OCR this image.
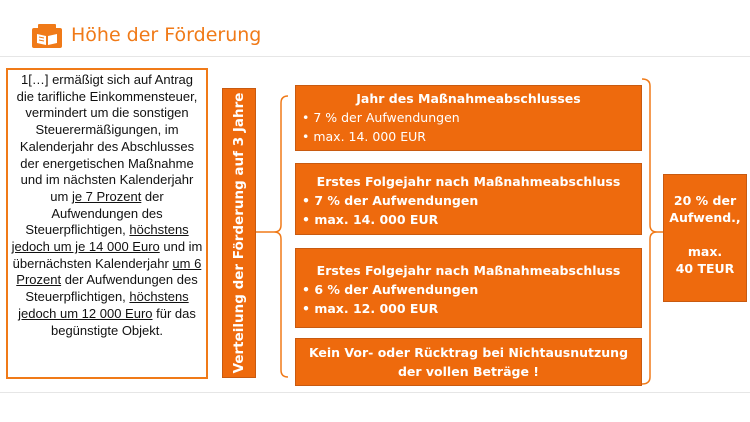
Höhe der Förderung
1[…] ermäßigt sich auf Antrag die tarifliche Einkommensteuer, vermindert um die sonstigen Steuerermäßigungen, im Kalenderjahr des Abschlusses der energetischen Maßnahme und im nächsten Kalenderjahr um je 7 Prozent der Aufwendungen des Steuerpflichtigen, höchstens jedoch um je 14 000 Euro und im übernächsten Kalenderjahr um 6 Prozent der Aufwendungen des Steuerpflichtigen, höchstens jedoch um 12 000 Euro für das begünstigte Objekt.	Verteilung der Förderung auf 3 Jahre	Jahr des Maßnahmeabschlusses
• 7 % der Aufwendungen
• max. 14. 000 EUR
Erstes Folgejahr nach Maßnahmeabschluss
• 7 % der Aufwendungen
• max. 14. 000 EUR
Erstes Folgejahr nach Maßnahmeabschluss
• 6 % der Aufwendungen
• max. 12. 000 EUR
Kein Vor- oder Rücktrag bei Nichtausnutzung
der vollen Beträge !
20 % der
Aufwend.,
max.
40 TEUR
